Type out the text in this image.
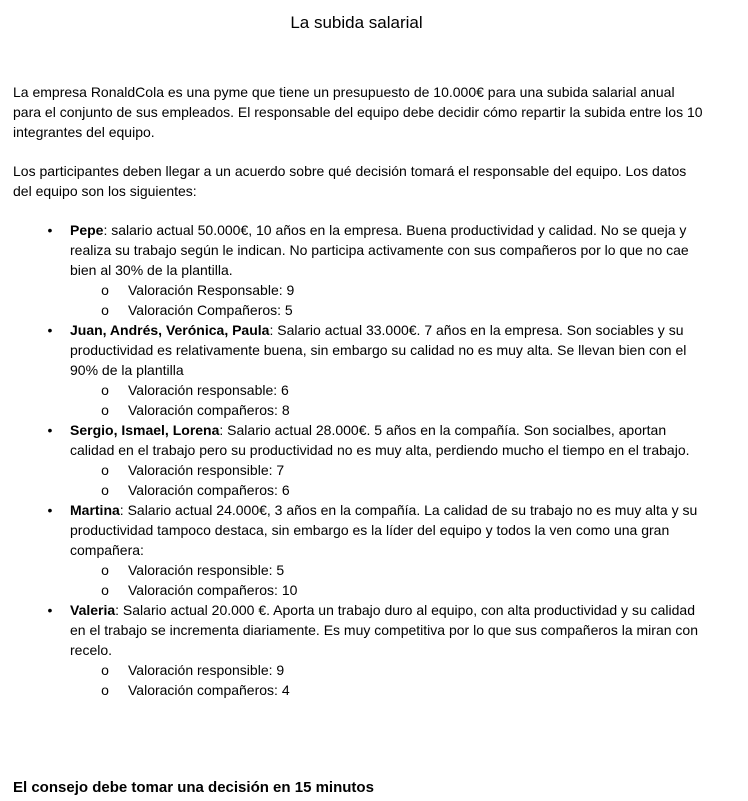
La subida salarial

La empresa RonaldCola es una pyme que tiene un presupuesto de 10.000€ para una subida salarial anual para el conjunto de sus empleados. El responsable del equipo debe decidir cómo repartir la subida entre los 10 integrantes del equipo.

Los participantes deben llegar a un acuerdo sobre qué decisión tomará el responsable del equipo. Los datos del equipo son los siguientes:

•	Pepe: salario actual 50.000€, 10 años en la empresa. Buena productividad y calidad. No se queja y realiza su trabajo según le indican. No participa activamente con sus compañeros por lo que no cae bien al 30% de la plantilla.
o Valoración Responsable: 9
o Valoración Compañeros: 5
•	Juan, Andrés, Verónica, Paula: Salario actual 33.000€. 7 años en la empresa. Son sociables y su productividad es relativamente buena, sin embargo su calidad no es muy alta. Se llevan bien con el 90% de la plantilla
o Valoración responsable: 6
o Valoración compañeros: 8
•	Sergio, Ismael, Lorena: Salario actual 28.000€. 5 años en la compañía. Son socialbes, aportan calidad en el trabajo pero su productividad no es muy alta, perdiendo mucho el tiempo en el trabajo.
o Valoración responsible: 7
o Valoración compañeros: 6
•	Martina: Salario actual 24.000€, 3 años en la compañía. La calidad de su trabajo no es muy alta y su productividad tampoco destaca, sin embargo es la líder del equipo y todos la ven como una gran compañera:
o Valoración responsible: 5
o Valoración compañeros: 10
•	Valeria: Salario actual 20.000 €. Aporta un trabajo duro al equipo, con alta productividad y su calidad en el trabajo se incrementa diariamente. Es muy competitiva por lo que sus compañeros la miran con recelo.
o Valoración responsible: 9
o Valoración compañeros: 4
El consejo debe tomar una decisión en 15 minutos
